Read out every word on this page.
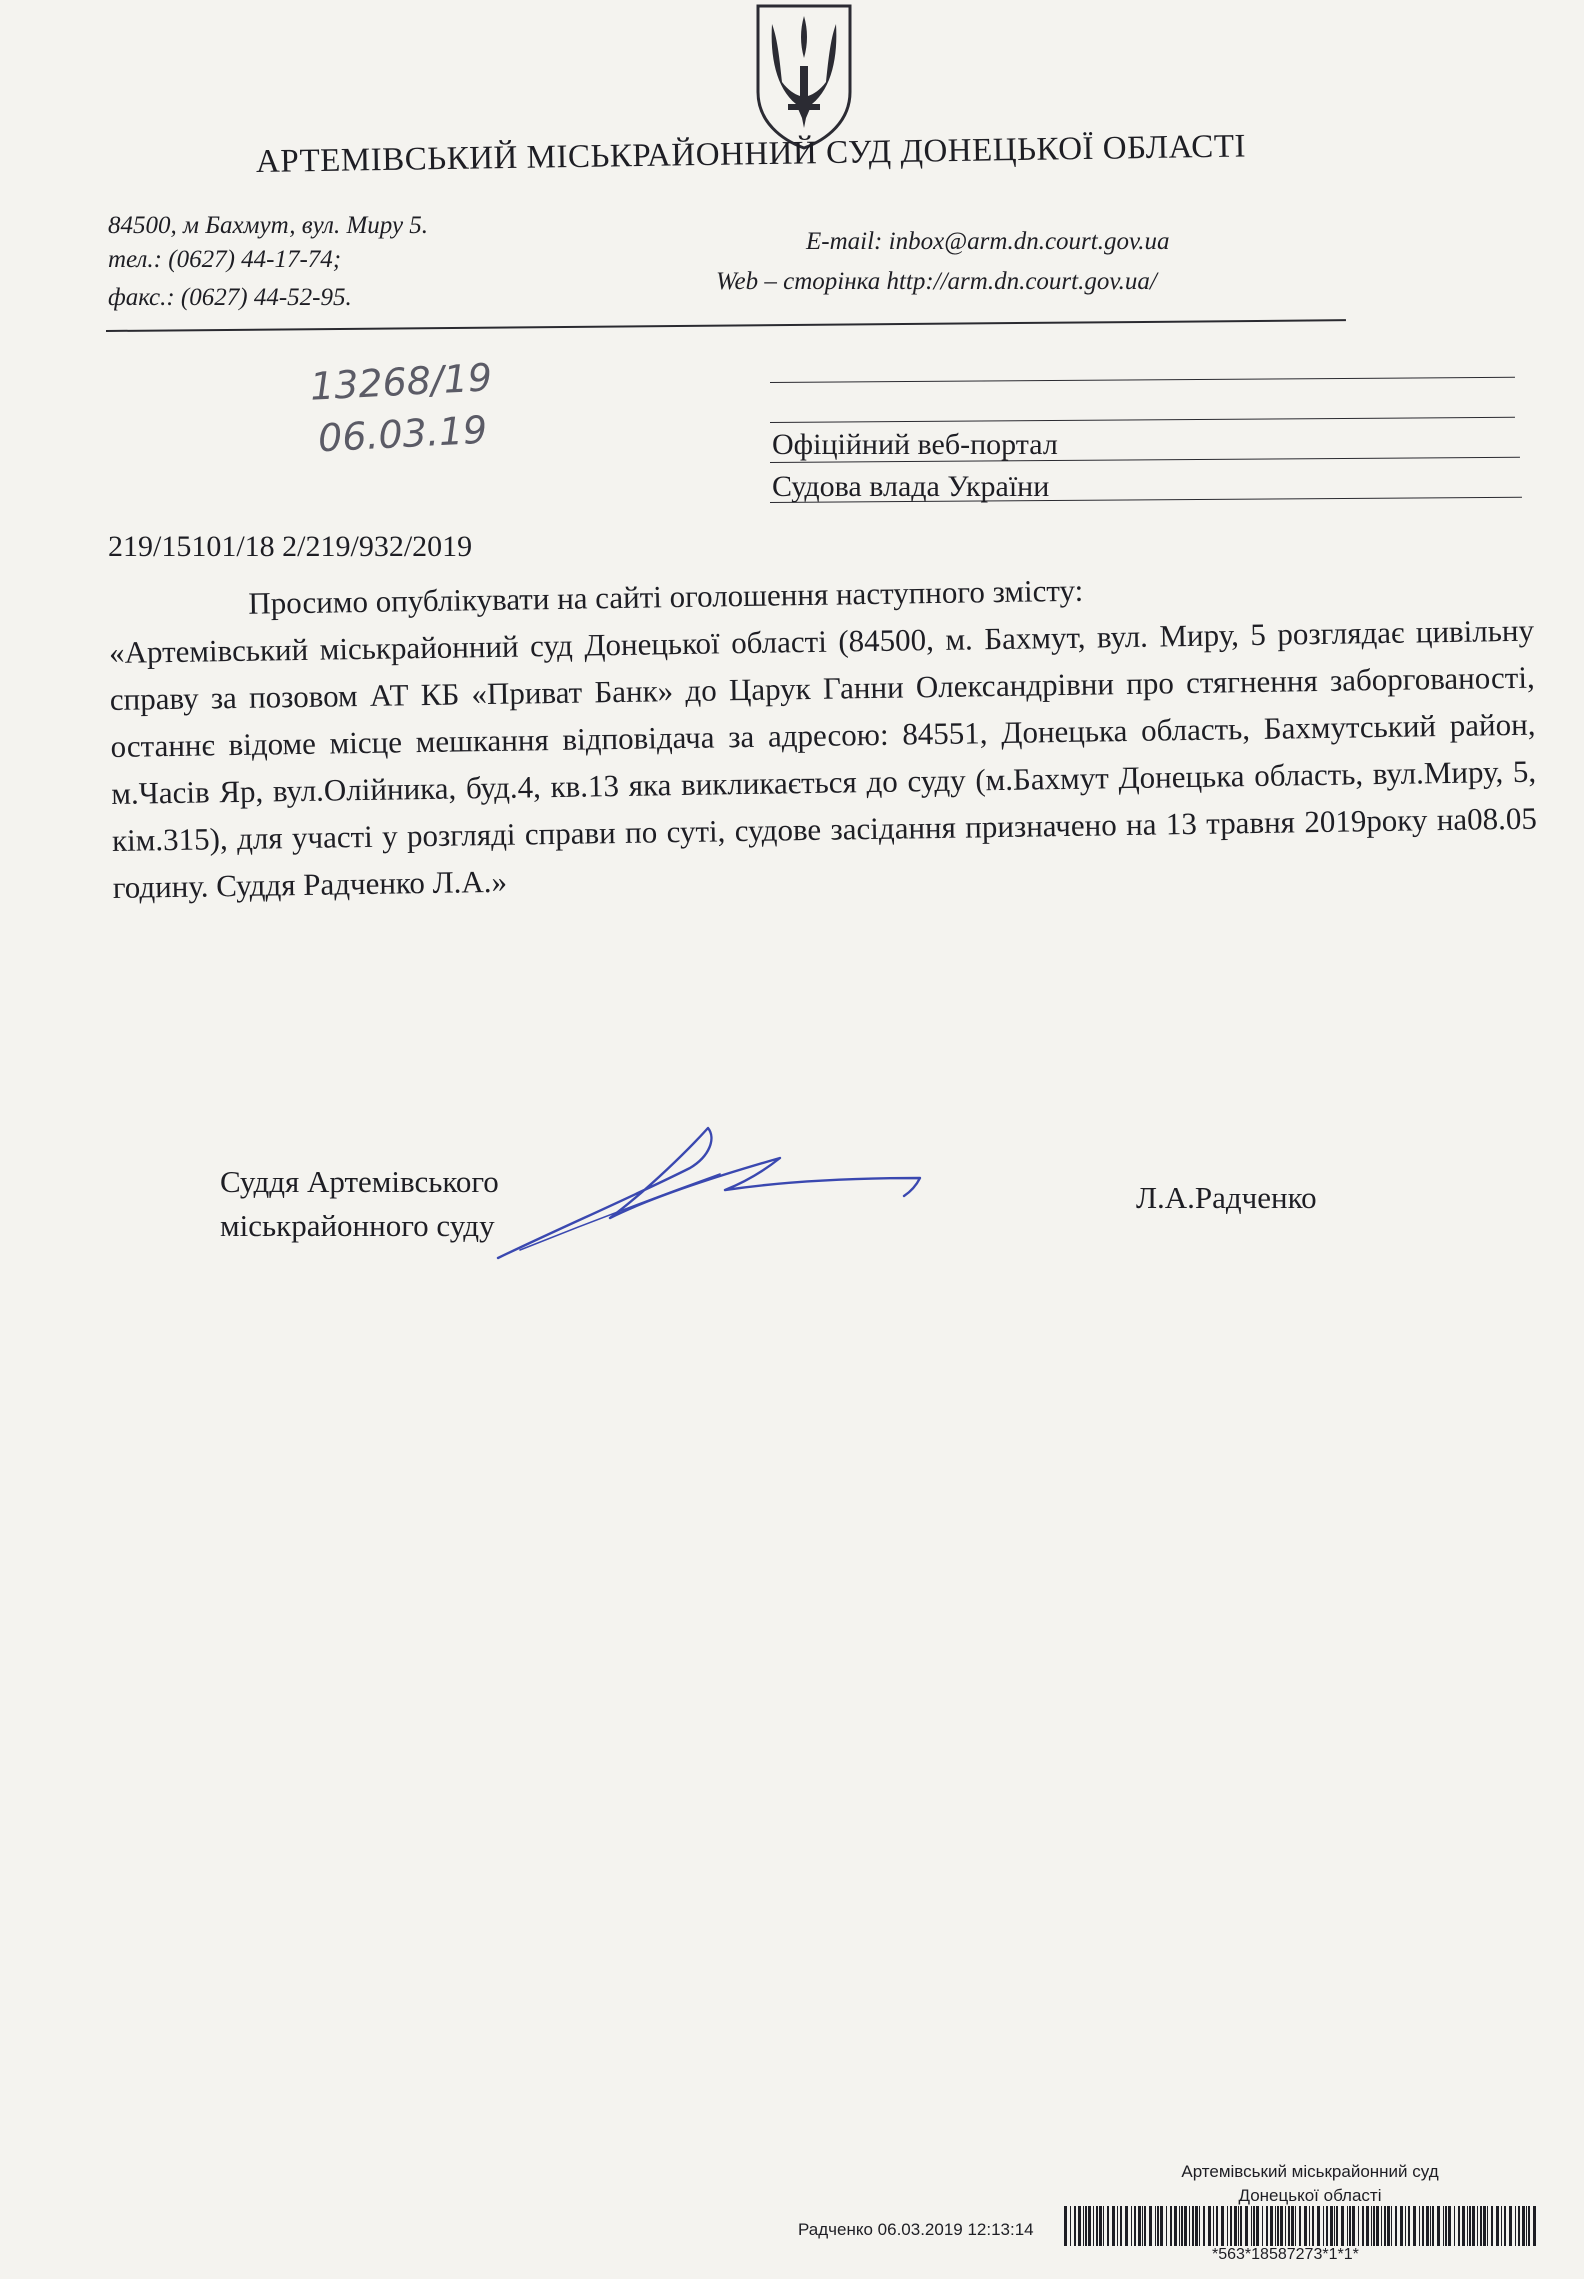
АРТЕМІВСЬКИЙ МІСЬКРАЙОННИЙ СУД ДОНЕЦЬКОЇ ОБЛАСТІ
84500, м Бахмут, вул. Миру 5.
тел.: (0627) 44-17-74;
факс.: (0627) 44-52-95.
E-mail: inbox@arm.dn.court.gov.ua
Web – сторінка http://arm.dn.court.gov.ua/
13268/19
06.03.19	Офіційний веб-портал
Судова влада України
219/15101/18 2/219/932/2019

Просимо опублікувати на сайті оголошення наступного змісту:

«Артемівський міськрайонний суд Донецької області (84500, м. Бахмут, вул. Миру, 5 розглядає цивільну справу за позовом АТ КБ «Приват Банк» до Царук Ганни Олександрівни про стягнення заборгованості, останнє відоме місце мешкання відповідача за адресою: 84551, Донецька область, Бахмутський район, м.Часів Яр, вул.Олійника, буд.4, кв.13 яка викликається до суду (м.Бахмут Донецька область, вул.Миру, 5, кім.315), для участі у розгляді справи по суті, судове засідання призначено на 13 травня 2019року на08.05 годину. Суддя Радченко Л.А.»

Суддя Артемівського
міськрайонного суду
Л.А.Радченко
Артемівський міськрайонний суд
Донецької області
Радченко 06.03.2019 12:13:14
*563*18587273*1*1*
